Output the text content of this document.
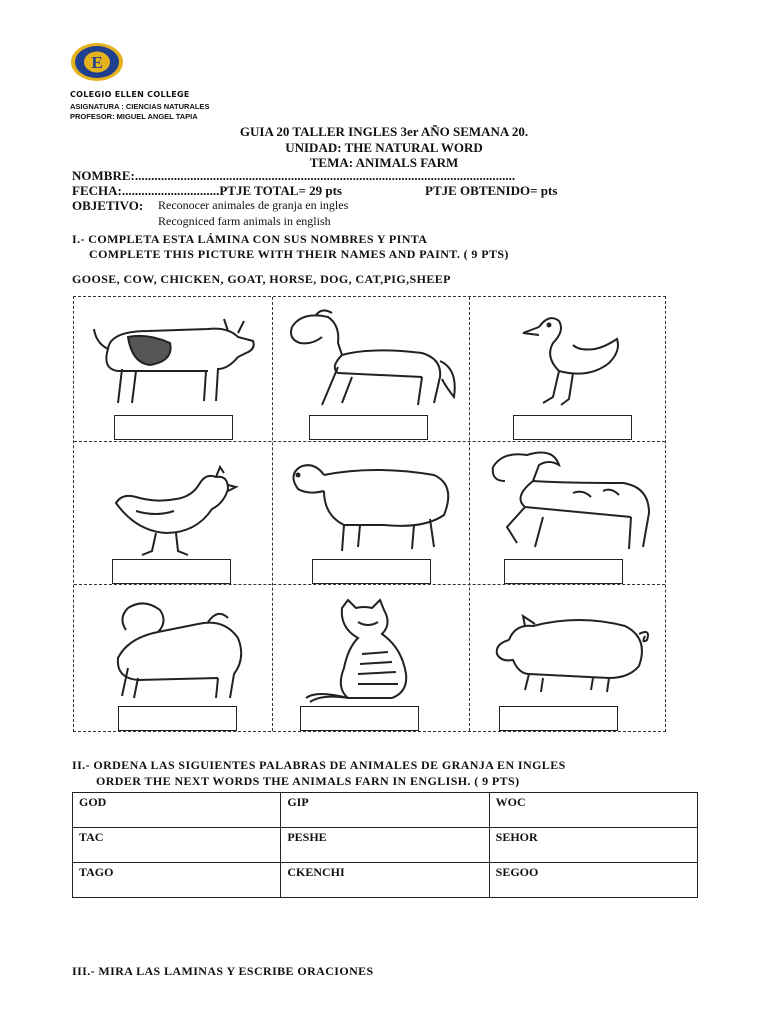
E
COLEGIO ELLEN COLLEGE
ASIGNATURA : CIENCIAS NATURALES
PROFESOR: MIGUEL ANGEL TAPIA
GUIA 20 TALLER INGLES 3er AÑO SEMANA 20.
UNIDAD: THE NATURAL WORD
TEMA: ANIMALS FARM
NOMBRE:.....................................................................................................................
FECHA:..............................PTJE TOTAL= 29 pts	PTJE OBTENIDO= pts
OBJETIVO: Reconocer animales de granja en ingles
Recogniced farm animals in english
I.- COMPLETA ESTA LÁMINA CON SUS NOMBRES Y PINTA
COMPLETE THIS PICTURE WITH THEIR NAMES AND PAINT. ( 9 PTS)
GOOSE, COW, CHICKEN, GOAT, HORSE, DOG, CAT,PIG,SHEEP
II.- ORDENA LAS SIGUIENTES PALABRAS DE ANIMALES DE GRANJA EN INGLES
ORDER THE NEXT WORDS THE ANIMALS FARN IN ENGLISH. ( 9 PTS)
GOD	GIP	WOC
TAC	PESHE	SEHOR
TAGO	CKENCHI	SEGOO
III.- MIRA LAS LAMINAS Y ESCRIBE ORACIONES
